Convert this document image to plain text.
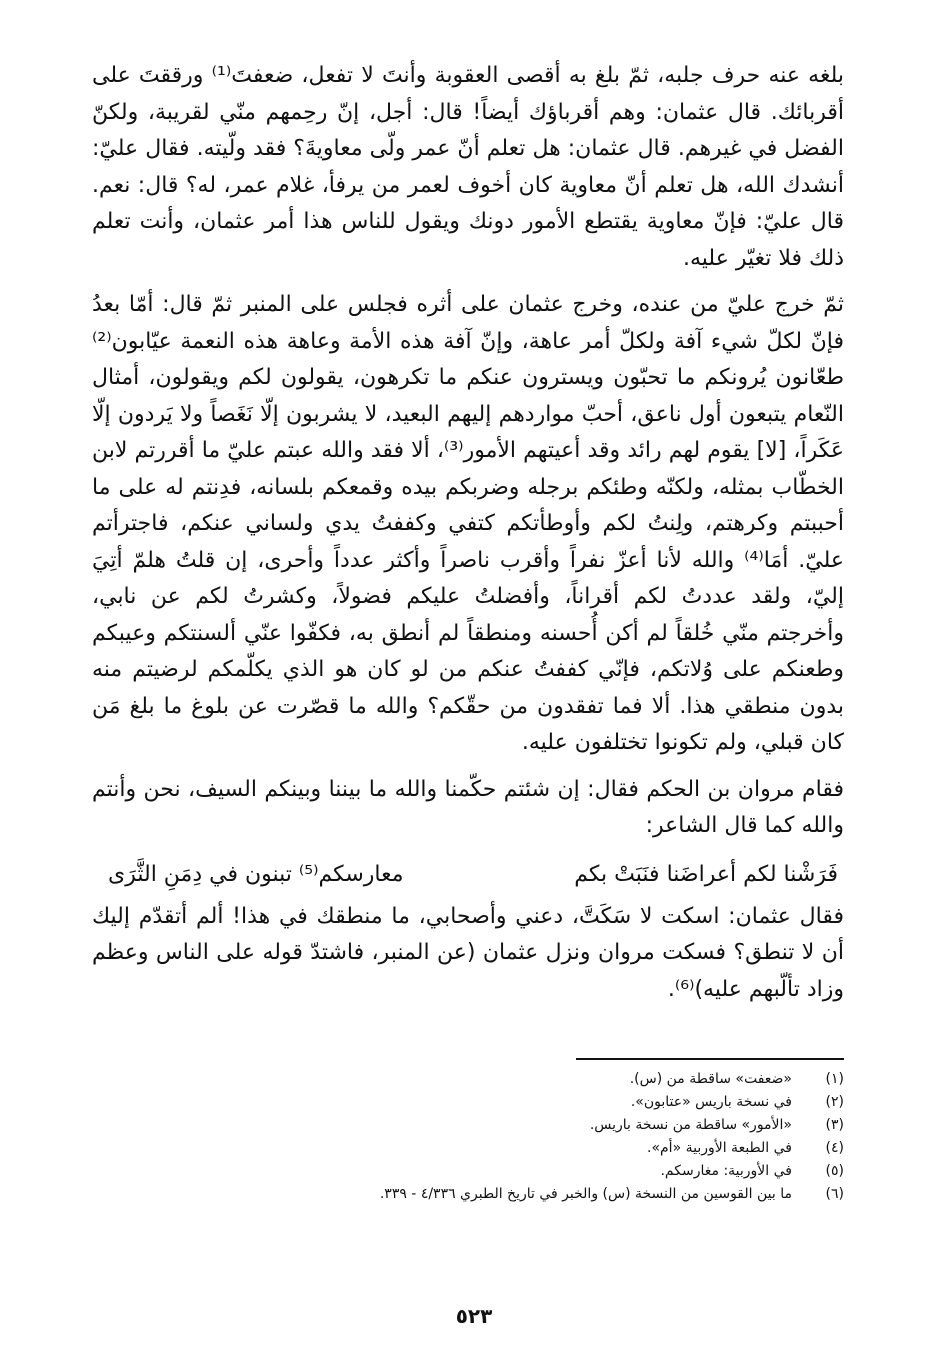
بلغه عنه حرف جلبه، ثمّ بلغ به أقصى العقوبة وأنتَ لا تفعل، ضعفتَ⁽¹⁾ ورققتَ على أقربائك. قال عثمان: وهم أقرباؤك أيضاً! قال: أجل، إنّ رحِمهم منّي لقريبة، ولكنّ الفضل في غيرهم. قال عثمان: هل تعلم أنّ عمر ولّى معاويةَ؟ فقد ولّيته. فقال عليّ: أنشدك الله، هل تعلم أنّ معاوية كان أخوف لعمر من يرفأ، غلام عمر، له؟ قال: نعم. قال عليّ: فإنّ معاوية يقتطع الأمور دونك ويقول للناس هذا أمر عثمان، وأنت تعلم ذلك فلا تغيّر عليه.

ثمّ خرج عليّ من عنده، وخرج عثمان على أثره فجلس على المنبر ثمّ قال: أمّا بعدُ فإنّ لكلّ شيء آفة ولكلّ أمر عاهة، وإنّ آفة هذه الأمة وعاهة هذه النعمة عيّابون⁽²⁾ طعّانون يُرونكم ما تحبّون ويسترون عنكم ما تكرهون، يقولون لكم ويقولون، أمثال النّعام يتبعون أول ناعق، أحبّ مواردهم إليهم البعيد، لا يشربون إلّا نَغَصاً ولا يَردون إلّا عَكَراً، [لا] يقوم لهم رائد وقد أعيتهم الأمور⁽³⁾، ألا فقد والله عبتم عليّ ما أقررتم لابن الخطّاب بمثله، ولكنّه وطئكم برجله وضربكم بيده وقمعكم بلسانه، فدِنتم له على ما أحببتم وكرهتم، ولِنتُ لكم وأوطأتكم كتفي وكففتُ يدي ولساني عنكم، فاجترأتم عليّ. أمَا⁽⁴⁾ والله لأنا أعزّ نفراً وأقرب ناصراً وأكثر عدداً وأحرى، إن قلتُ هلمّ أتِيَ إليّ، ولقد عددتُ لكم أقراناً، وأفضلتُ عليكم فضولاً، وكشرتُ لكم عن نابي، وأخرجتم منّي خُلقاً لم أكن أُحسنه ومنطقاً لم أنطق به، فكفّوا عنّي ألسنتكم وعيبكم وطعنكم على وُلاتكم، فإنّي كففتُ عنكم من لو كان هو الذي يكلّمكم لرضيتم منه بدون منطقي هذا. ألا فما تفقدون من حقّكم؟ والله ما قصّرت عن بلوغ ما بلغ مَن كان قبلي، ولم تكونوا تختلفون عليه.

فقام مروان بن الحكم فقال: إن شئتم حكّمنا والله ما بيننا وبينكم السيف، نحن وأنتم والله كما قال الشاعر:

فَرَشْنا لكم أعراضَنا فنَبَتْ بكم
معارسكم⁽⁵⁾ تبنون في دِمَنِ الثَّرَى

فقال عثمان: اسكت لا سَكَتَّ، دعني وأصحابي، ما منطقك في هذا! ألم أتقدّم إليك أن لا تنطق؟ فسكت مروان ونزل عثمان (عن المنبر، فاشتدّ قوله على الناس وعظم وزاد تألّبهم عليه)⁽⁶⁾.

(١)
«ضعفت» ساقطة من (س).
(٢)
في نسخة باريس «عتابون».
(٣)
«الأمور» ساقطة من نسخة باريس.
(٤)
في الطبعة الأوربية «أم».
(٥)
في الأوربية: مغارسكم.
(٦)
ما بين القوسين من النسخة (س) والخبر في تاريخ الطبري ٤/٣٣٦ - ٣٣٩.
٥٢٣
